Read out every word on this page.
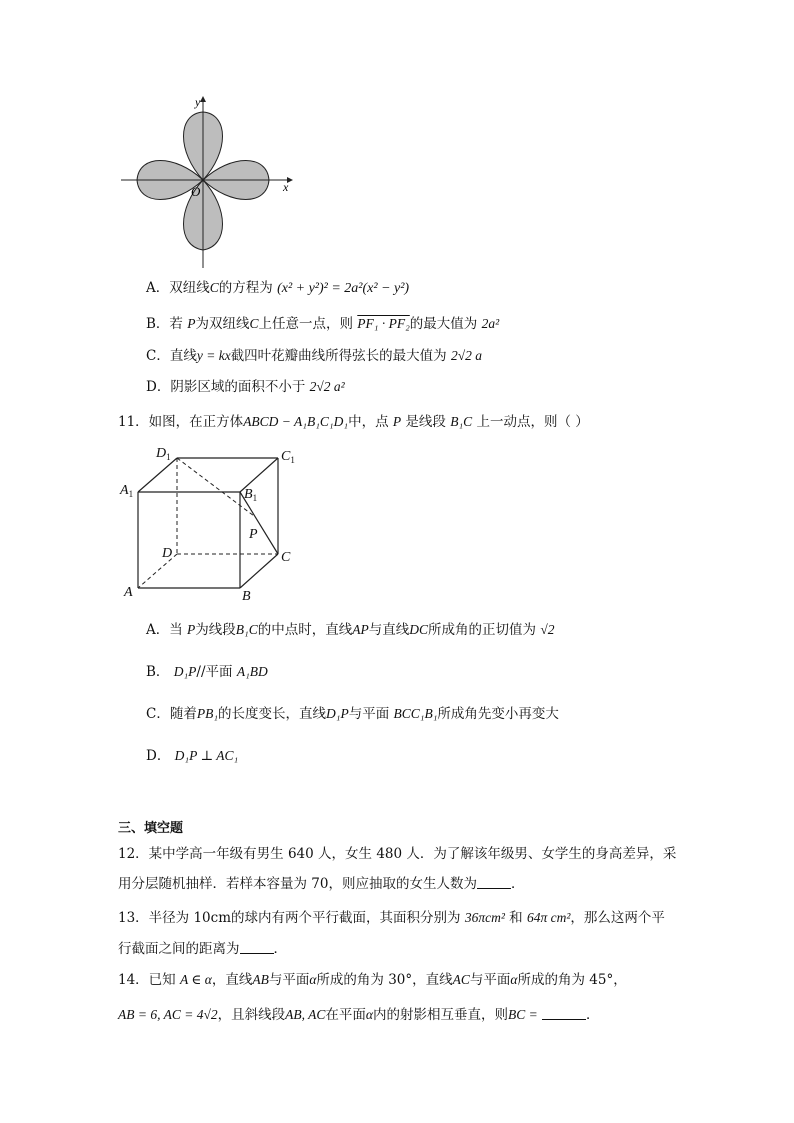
y
x
O
A．双纽线C的方程为 (x² + y²)² = 2a²(x² − y²)
B．若 P为双纽线C上任意一点，则 PF₁ · PF₂的最大值为 2a²
C．直线y = kx截四叶花瓣曲线所得弦长的最大值为 2√2 a
D．阴影区域的面积不小于 2√2 a²
11．如图，在正方体ABCD − A₁B₁C₁D₁中，点 P 是线段 B₁C 上一动点，则（ ）
$D_1$	$C_1$
$A_1$	$B_1$
P
D	C
A	B
A．当 P为线段B₁C的中点时，直线AP与直线DC所成角的正切值为 √2
B． D₁P//平面 A₁BD
C．随着PB₁的长度变长，直线D₁P与平面 BCC₁B₁所成角先变小再变大
D． D₁P ⊥ AC₁
三、填空题
12．某中学高一年级有男生 640 人，女生 480 人．为了解该年级男、女学生的身高差异，采
用分层随机抽样．若样本容量为 70，则应抽取的女生人数为	．
13．半径为 10cm的球内有两个平行截面，其面积分别为 36πcm² 和 64π cm²，那么这两个平
行截面之间的距离为	．
14．已知 A ∈ α，直线AB与平面α所成的角为 30°，直线AC与平面α所成的角为 45°，
AB = 6, AC = 4√2，且斜线段AB, AC在平面α内的射影相互垂直，则BC =	．
